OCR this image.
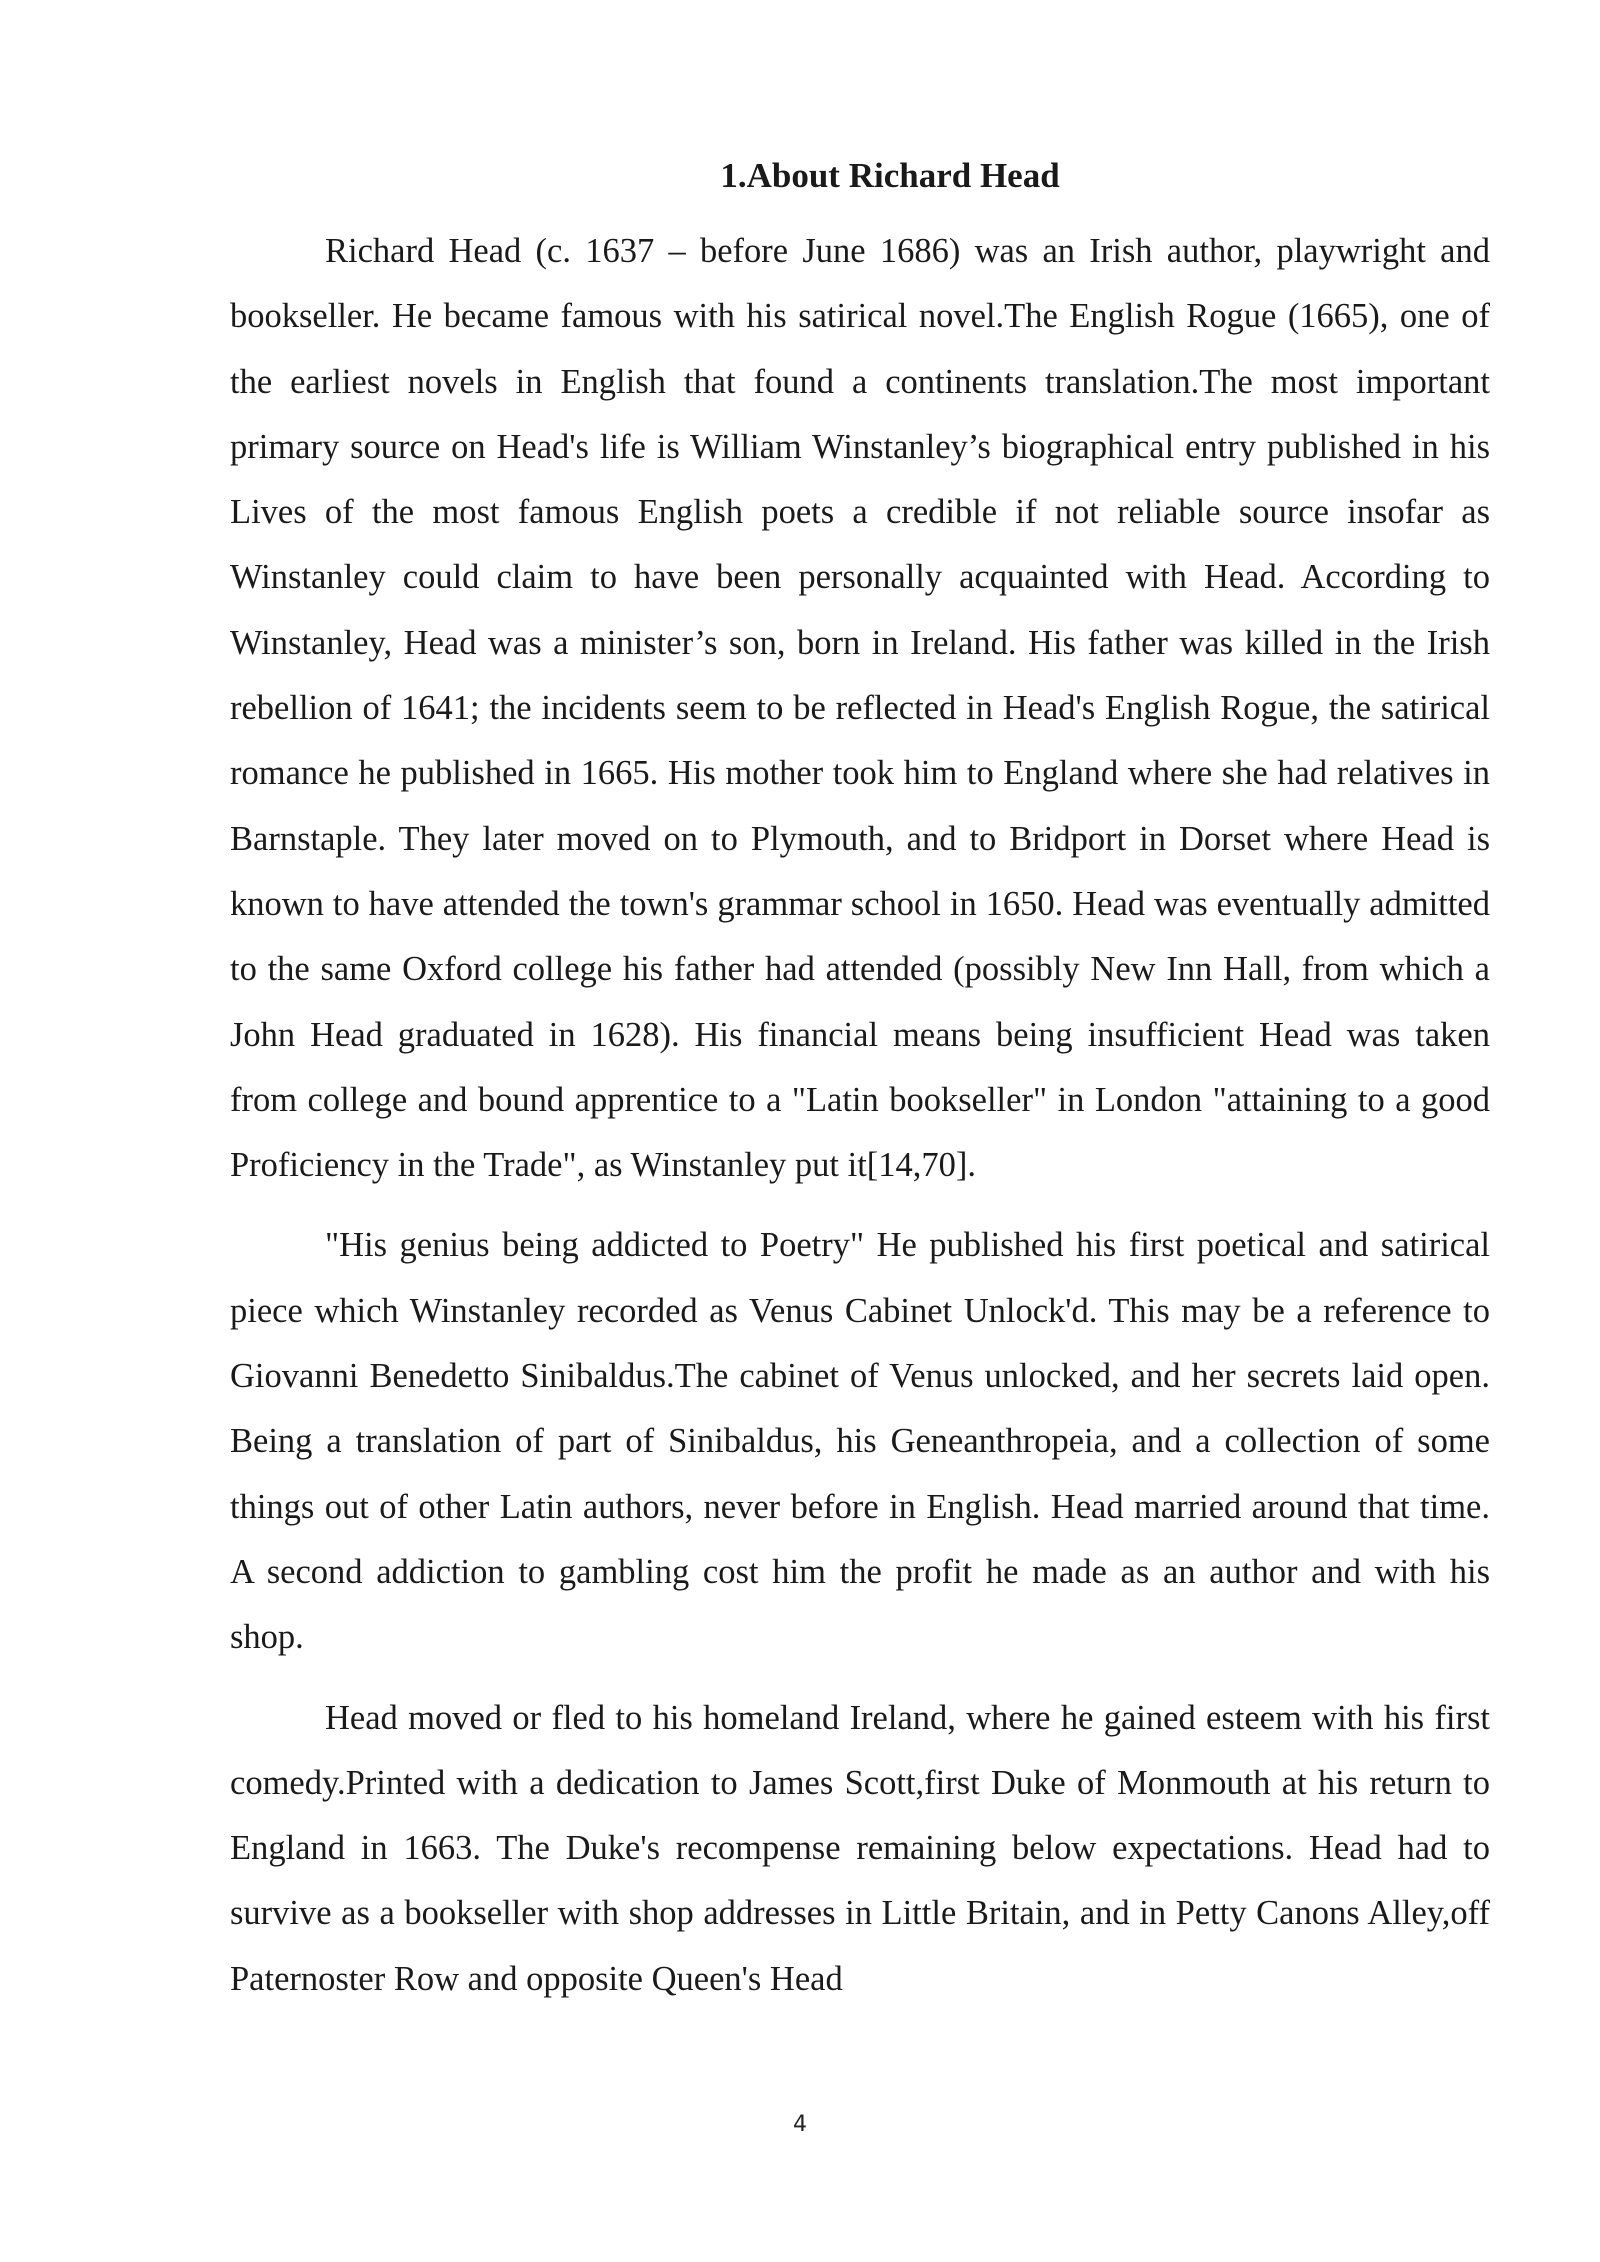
1.About Richard Head

Richard Head (c. 1637 – before June 1686) was an Irish author, playwright and bookseller. He became famous with his satirical novel.The English Rogue (1665), one of the earliest novels in English that found a continents translation.The most important primary source on Head's life is William Winstanley’s biographical entry published in his Lives of the most famous English poets a credible if not reliable source insofar as Winstanley could claim to have been personally acquainted with Head. According to Winstanley, Head was a minister’s son, born in Ireland. His father was killed in the Irish rebellion of 1641; the incidents seem to be reflected in Head's English Rogue, the satirical romance he published in 1665. His mother took him to England where she had relatives in Barnstaple. They later moved on to Plymouth, and to Bridport in Dorset where Head is known to have attended the town's grammar school in 1650. Head was eventually admitted to the same Oxford college his father had attended (possibly New Inn Hall, from which a John Head graduated in 1628). His financial means being insufficient Head was taken from college and bound apprentice to a "Latin bookseller" in London "attaining to a good Proficiency in the Trade", as Winstanley put it[14,70].

"His genius being addicted to Poetry" He published his first poetical and satirical piece which Winstanley recorded as Venus Cabinet Unlock'd. This may be a reference to Giovanni Benedetto Sinibaldus.The cabinet of Venus unlocked, and her secrets laid open. Being a translation of part of Sinibaldus, his Geneanthropeia, and a collection of some things out of other Latin authors, never before in English. Head married around that time. A second addiction to gambling cost him the profit he made as an author and with his shop.

Head moved or fled to his homeland Ireland, where he gained esteem with his first comedy.Printed with a dedication to James Scott,first Duke of Monmouth at his return to England in 1663. The Duke's recompense remaining below expectations. Head had to survive as a bookseller with shop addresses in Little Britain, and in Petty Canons Alley,off Paternoster Row and opposite Queen's Head

4
